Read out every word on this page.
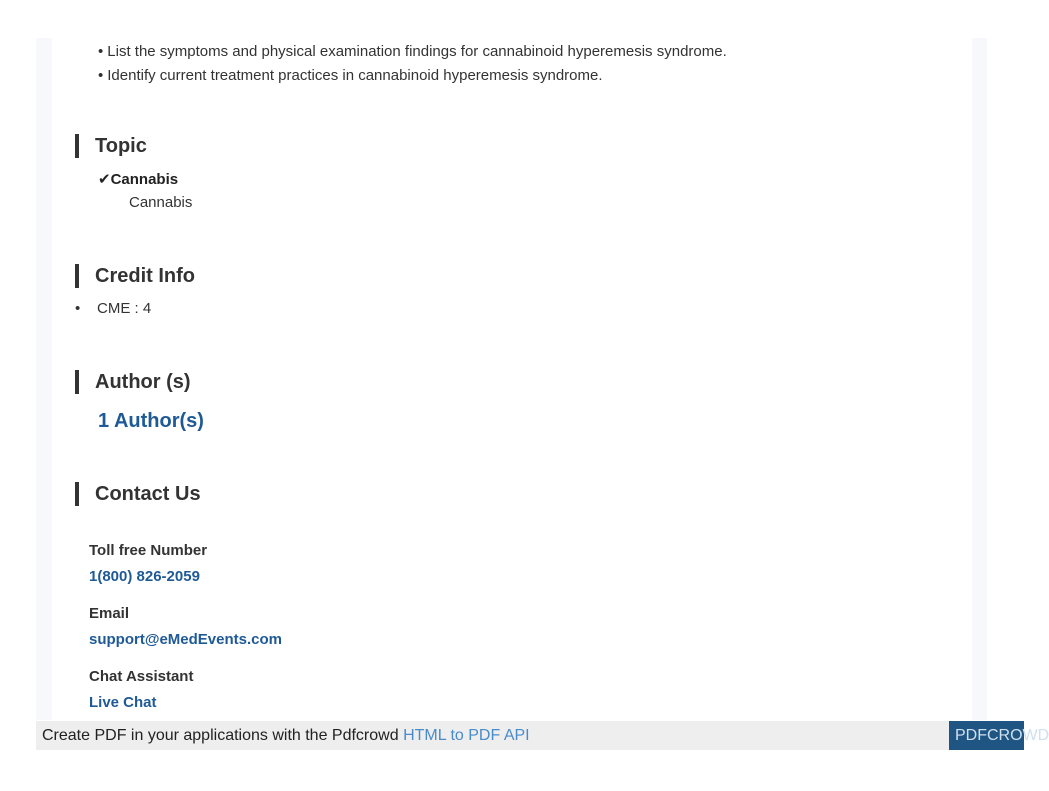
• List the symptoms and physical examination findings for cannabinoid hyperemesis syndrome.
• Identify current treatment practices in cannabinoid hyperemesis syndrome.
Topic
✔Cannabis
Cannabis
Credit Info
• CME : 4
Author (s)
1 Author(s)
Contact Us
Toll free Number
1(800) 826-2059
Email
support@eMedEvents.com
Chat Assistant
Live Chat
Create PDF in your applications with the Pdfcrowd HTML to PDF API	PDFCROWD
